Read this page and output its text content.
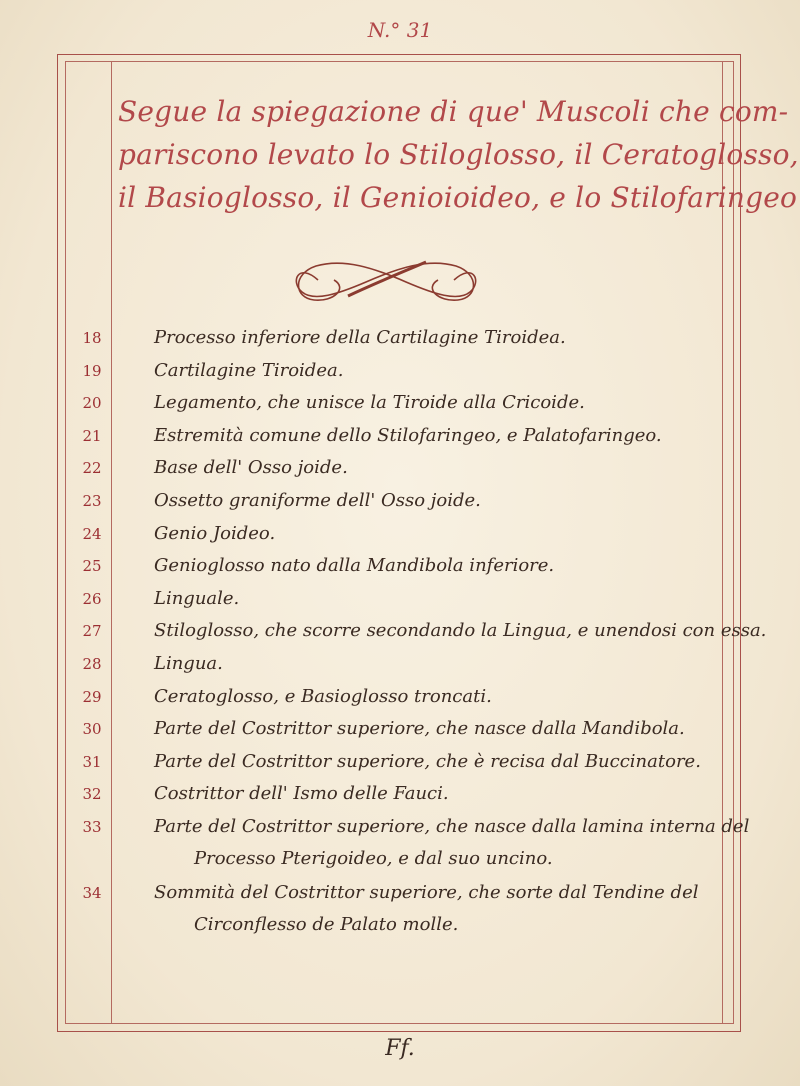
N.° 31
Segue la spiegazione di que' Muscoli che com-
pariscono levato lo Stiloglosso, il Ceratoglosso,
il Basioglosso, il Genioioideo, e lo Stilofaringeo
18	Processo inferiore della Cartilagine Tiroidea.
19	Cartilagine Tiroidea.
20	Legamento, che unisce la Tiroide alla Cricoide.
21	Estremità comune dello Stilofaringeo, e Palatofaringeo.
22	Base dell' Osso joide.
23	Ossetto graniforme dell' Osso joide.
24	Genio Joideo.
25	Genioglosso nato dalla Mandibola inferiore.
26	Linguale.
27	Stiloglosso, che scorre secondando la Lingua, e unendosi con essa.
28	Lingua.
29	Ceratoglosso, e Basioglosso troncati.
30	Parte del Costrittor superiore, che nasce dalla Mandibola.
31	Parte del Costrittor superiore, che è recisa dal Buccinatore.
32	Costrittor dell' Ismo delle Fauci.
33	Parte del Costrittor superiore, che nasce dalla lamina interna del
Processo Pterigoideo, e dal suo uncino.
34	Sommità del Costrittor superiore, che sorte dal Tendine del
Circonflesso de Palato molle.
Ff.
